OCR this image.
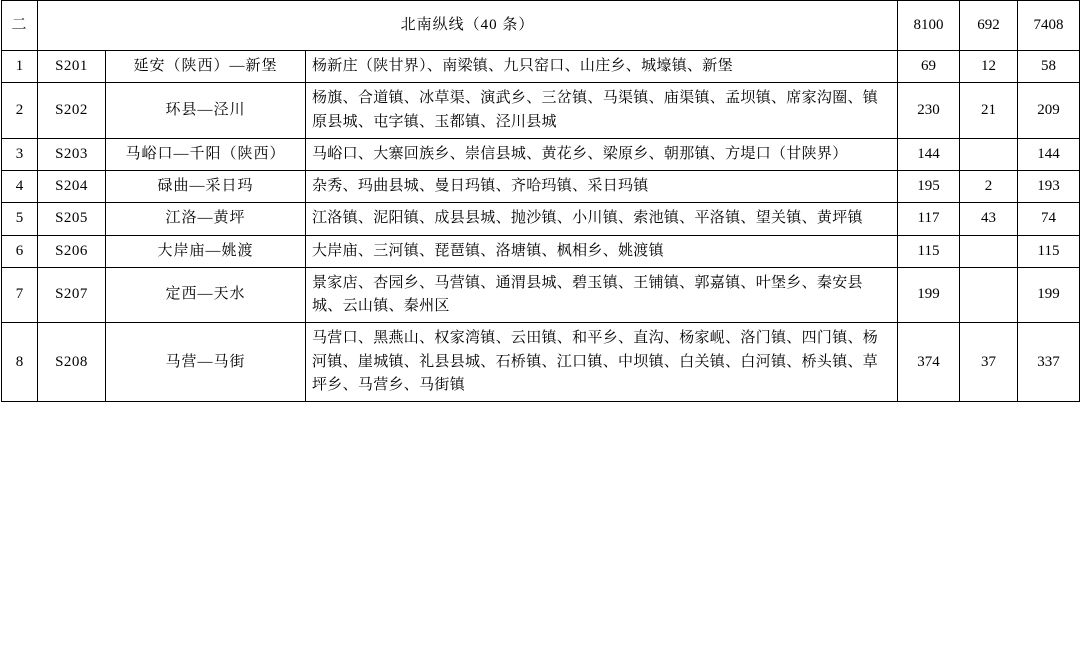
二	北南纵线（40 条）			8100	692	7408
1	S201	延安（陕西）—新堡	杨新庄（陕甘界）、南梁镇、九只窑口、山庄乡、城壕镇、新堡	69	12	58
2	S202	环县—泾川	杨旗、合道镇、冰草渠、演武乡、三岔镇、马渠镇、庙渠镇、孟坝镇、席家沟圈、镇原县城、屯字镇、玉都镇、泾川县城	230	21	209
3	S203	马峪口—千阳（陕西）	马峪口、大寨回族乡、崇信县城、黄花乡、梁原乡、朝那镇、方堤口（甘陕界）	144		144
4	S204	碌曲—采日玛	杂秀、玛曲县城、曼日玛镇、齐哈玛镇、采日玛镇	195	2	193
5	S205	江洛—黄坪	江洛镇、泥阳镇、成县县城、抛沙镇、小川镇、索池镇、平洛镇、望关镇、黄坪镇	117	43	74
6	S206	大岸庙—姚渡	大岸庙、三河镇、琵琶镇、洛塘镇、枫相乡、姚渡镇	115		115
7	S207	定西—天水	景家店、杏园乡、马营镇、通渭县城、碧玉镇、王铺镇、郭嘉镇、叶堡乡、秦安县城、云山镇、秦州区	199		199
8	S208	马营—马街	马营口、黑燕山、权家湾镇、云田镇、和平乡、直沟、杨家岘、洛门镇、四门镇、杨河镇、崖城镇、礼县县城、石桥镇、江口镇、中坝镇、白关镇、白河镇、桥头镇、草坪乡、马营乡、马街镇	374	37	337
